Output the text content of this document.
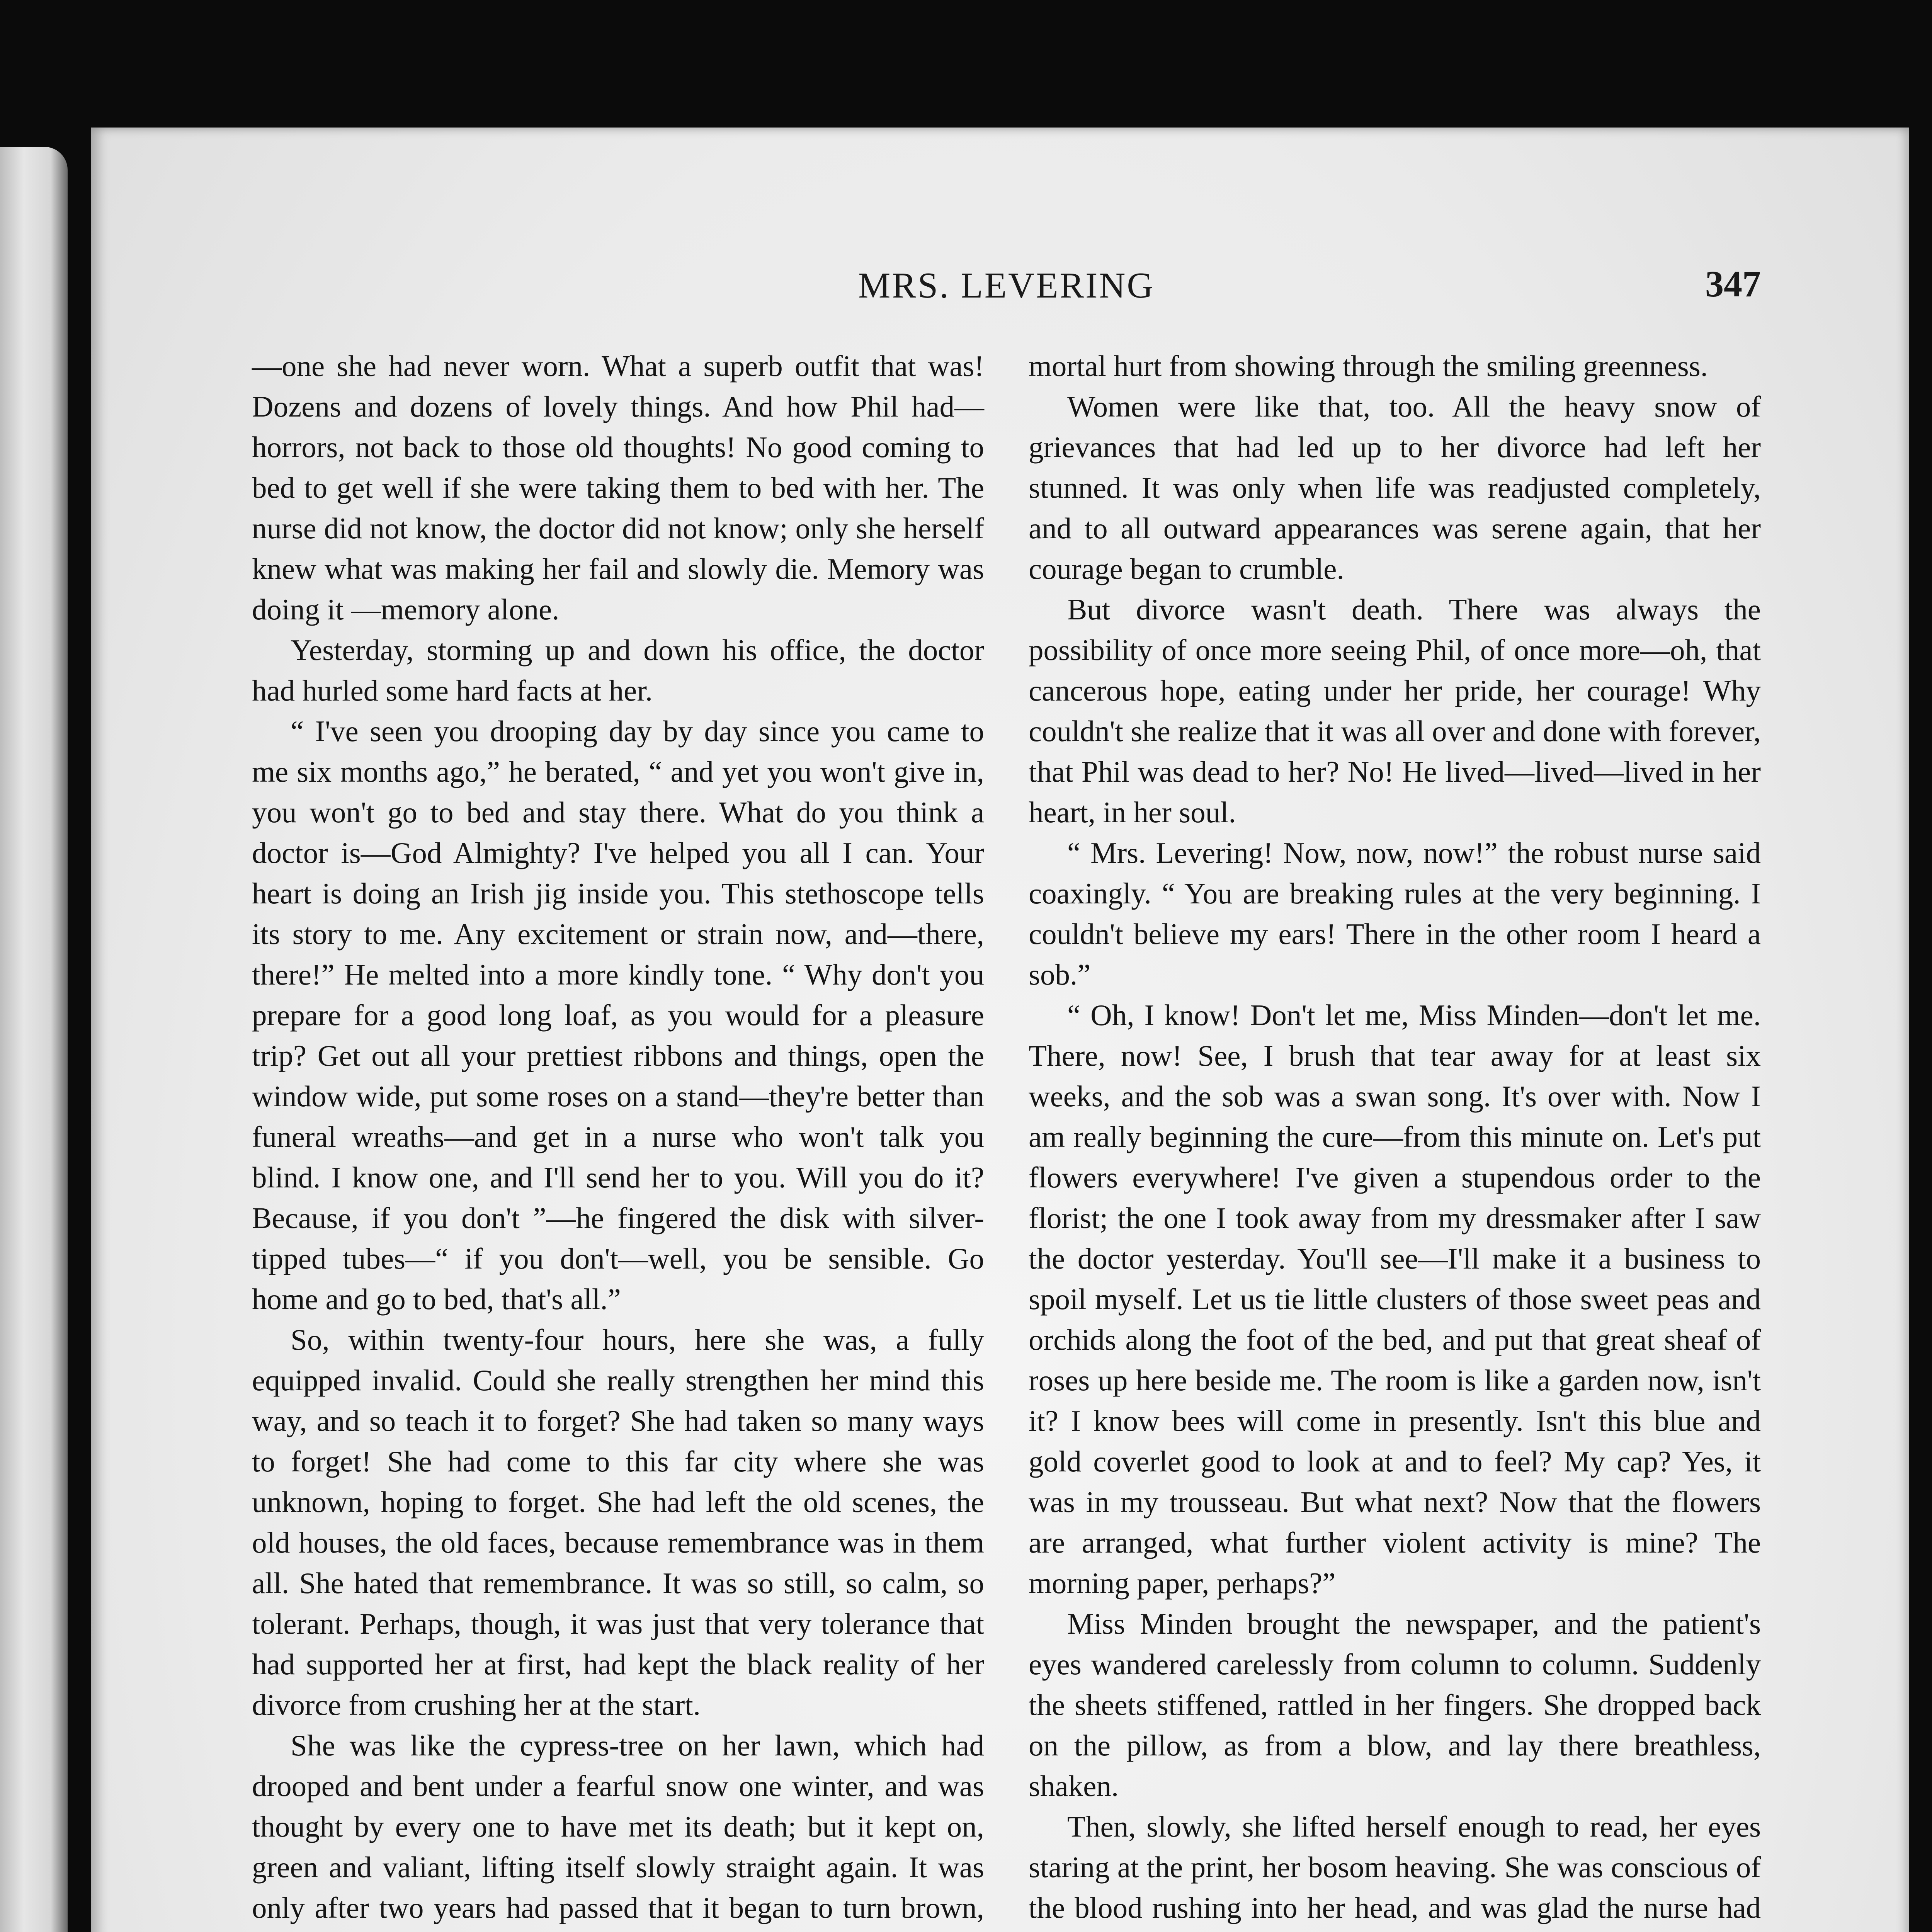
MRS. LEVERING	347

—one she had never worn. What a superb outfit that was! Dozens and dozens of lovely things. And how Phil had—horrors, not back to those old thoughts! No good coming to bed to get well if she were taking them to bed with her. The nurse did not know, the doctor did not know; only she herself knew what was making her fail and slowly die. Memory was doing it —memory alone.

Yesterday, storming up and down his office, the doctor had hurled some hard facts at her.

“ I've seen you drooping day by day since you came to me six months ago,” he berated, “ and yet you won't give in, you won't go to bed and stay there. What do you think a doctor is—God Almighty? I've helped you all I can. Your heart is doing an Irish jig inside you. This stethoscope tells its story to me. Any excitement or strain now, and—there, there!” He melted into a more kindly tone. “ Why don't you prepare for a good long loaf, as you would for a pleasure trip? Get out all your prettiest ribbons and things, open the window wide, put some roses on a stand—they're better than funeral wreaths—and get in a nurse who won't talk you blind. I know one, and I'll send her to you. Will you do it? Because, if you don't ”—he fingered the disk with silver-tipped tubes—“ if you don't—well, you be sensible. Go home and go to bed, that's all.”

So, within twenty-four hours, here she was, a fully equipped invalid. Could she really strengthen her mind this way, and so teach it to forget? She had taken so many ways to forget! She had come to this far city where she was unknown, hoping to forget. She had left the old scenes, the old houses, the old faces, because remembrance was in them all. She hated that remembrance. It was so still, so calm, so tolerant. Perhaps, though, it was just that very tolerance that had supported her at first, had kept the black reality of her divorce from crushing her at the start.

She was like the cypress-tree on her lawn, which had drooped and bent under a fearful snow one winter, and was thought by every one to have met its death; but it kept on, green and valiant, lifting itself slowly straight again. It was only after two years had passed that it began to turn brown,

mortal hurt from showing through the smiling greenness.

Women were like that, too. All the heavy snow of grievances that had led up to her divorce had left her stunned. It was only when life was readjusted completely, and to all outward appearances was serene again, that her courage began to crumble.

But divorce wasn't death. There was always the possibility of once more seeing Phil, of once more—oh, that cancerous hope, eating under her pride, her courage! Why couldn't she realize that it was all over and done with forever, that Phil was dead to her? No! He lived—lived—lived in her heart, in her soul.

“ Mrs. Levering! Now, now, now!” the robust nurse said coaxingly. “ You are breaking rules at the very beginning. I couldn't believe my ears! There in the other room I heard a sob.”

“ Oh, I know! Don't let me, Miss Minden—don't let me. There, now! See, I brush that tear away for at least six weeks, and the sob was a swan song. It's over with. Now I am really beginning the cure—from this minute on. Let's put flowers everywhere! I've given a stupendous order to the florist; the one I took away from my dressmaker after I saw the doctor yesterday. You'll see—I'll make it a business to spoil myself. Let us tie little clusters of those sweet peas and orchids along the foot of the bed, and put that great sheaf of roses up here beside me. The room is like a garden now, isn't it? I know bees will come in presently. Isn't this blue and gold coverlet good to look at and to feel? My cap? Yes, it was in my trousseau. But what next? Now that the flowers are arranged, what further violent activity is mine? The morning paper, perhaps?”

Miss Minden brought the newspaper, and the patient's eyes wandered carelessly from column to column. Suddenly the sheets stiffened, rattled in her fingers. She dropped back on the pillow, as from a blow, and lay there breathless, shaken.

Then, slowly, she lifted herself enough to read, her eyes staring at the print, her bosom heaving. She was conscious of the blood rushing into her head, and was glad the nurse had
